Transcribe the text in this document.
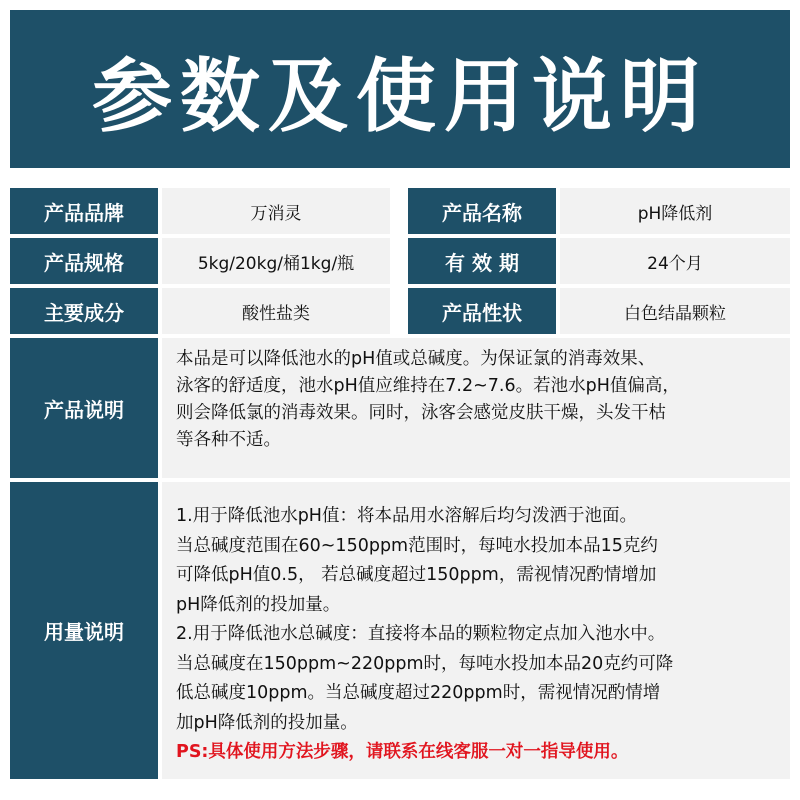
参数及使用说明
产品品牌	万消灵	产品名称	pH降低剂
产品规格	5kg/20kg/桶1kg/瓶	有 效 期	24个月
主要成分	酸性盐类	产品性状	白色结晶颗粒
产品说明

本品是可以降低池水的pH值或总碱度。为保证氯的消毒效果、

泳客的舒适度，池水pH值应维持在7.2~7.6。若池水pH值偏高，

则会降低氯的消毒效果。同时，泳客会感觉皮肤干燥，头发干枯

等各种不适。

用量说明

1.用于降低池水pH值：将本品用水溶解后均匀泼洒于池面。

当总碱度范围在60~150ppm范围时，每吨水投加本品15克约

可降低pH值0.5， 若总碱度超过150ppm，需视情况酌情增加

pH降低剂的投加量。

2.用于降低池水总碱度：直接将本品的颗粒物定点加入池水中。

当总碱度在150ppm~220ppm时，每吨水投加本品20克约可降

低总碱度10ppm。当总碱度超过220ppm时，需视情况酌情增

加pH降低剂的投加量。

PS:具体使用方法步骤，请联系在线客服一对一指导使用。
